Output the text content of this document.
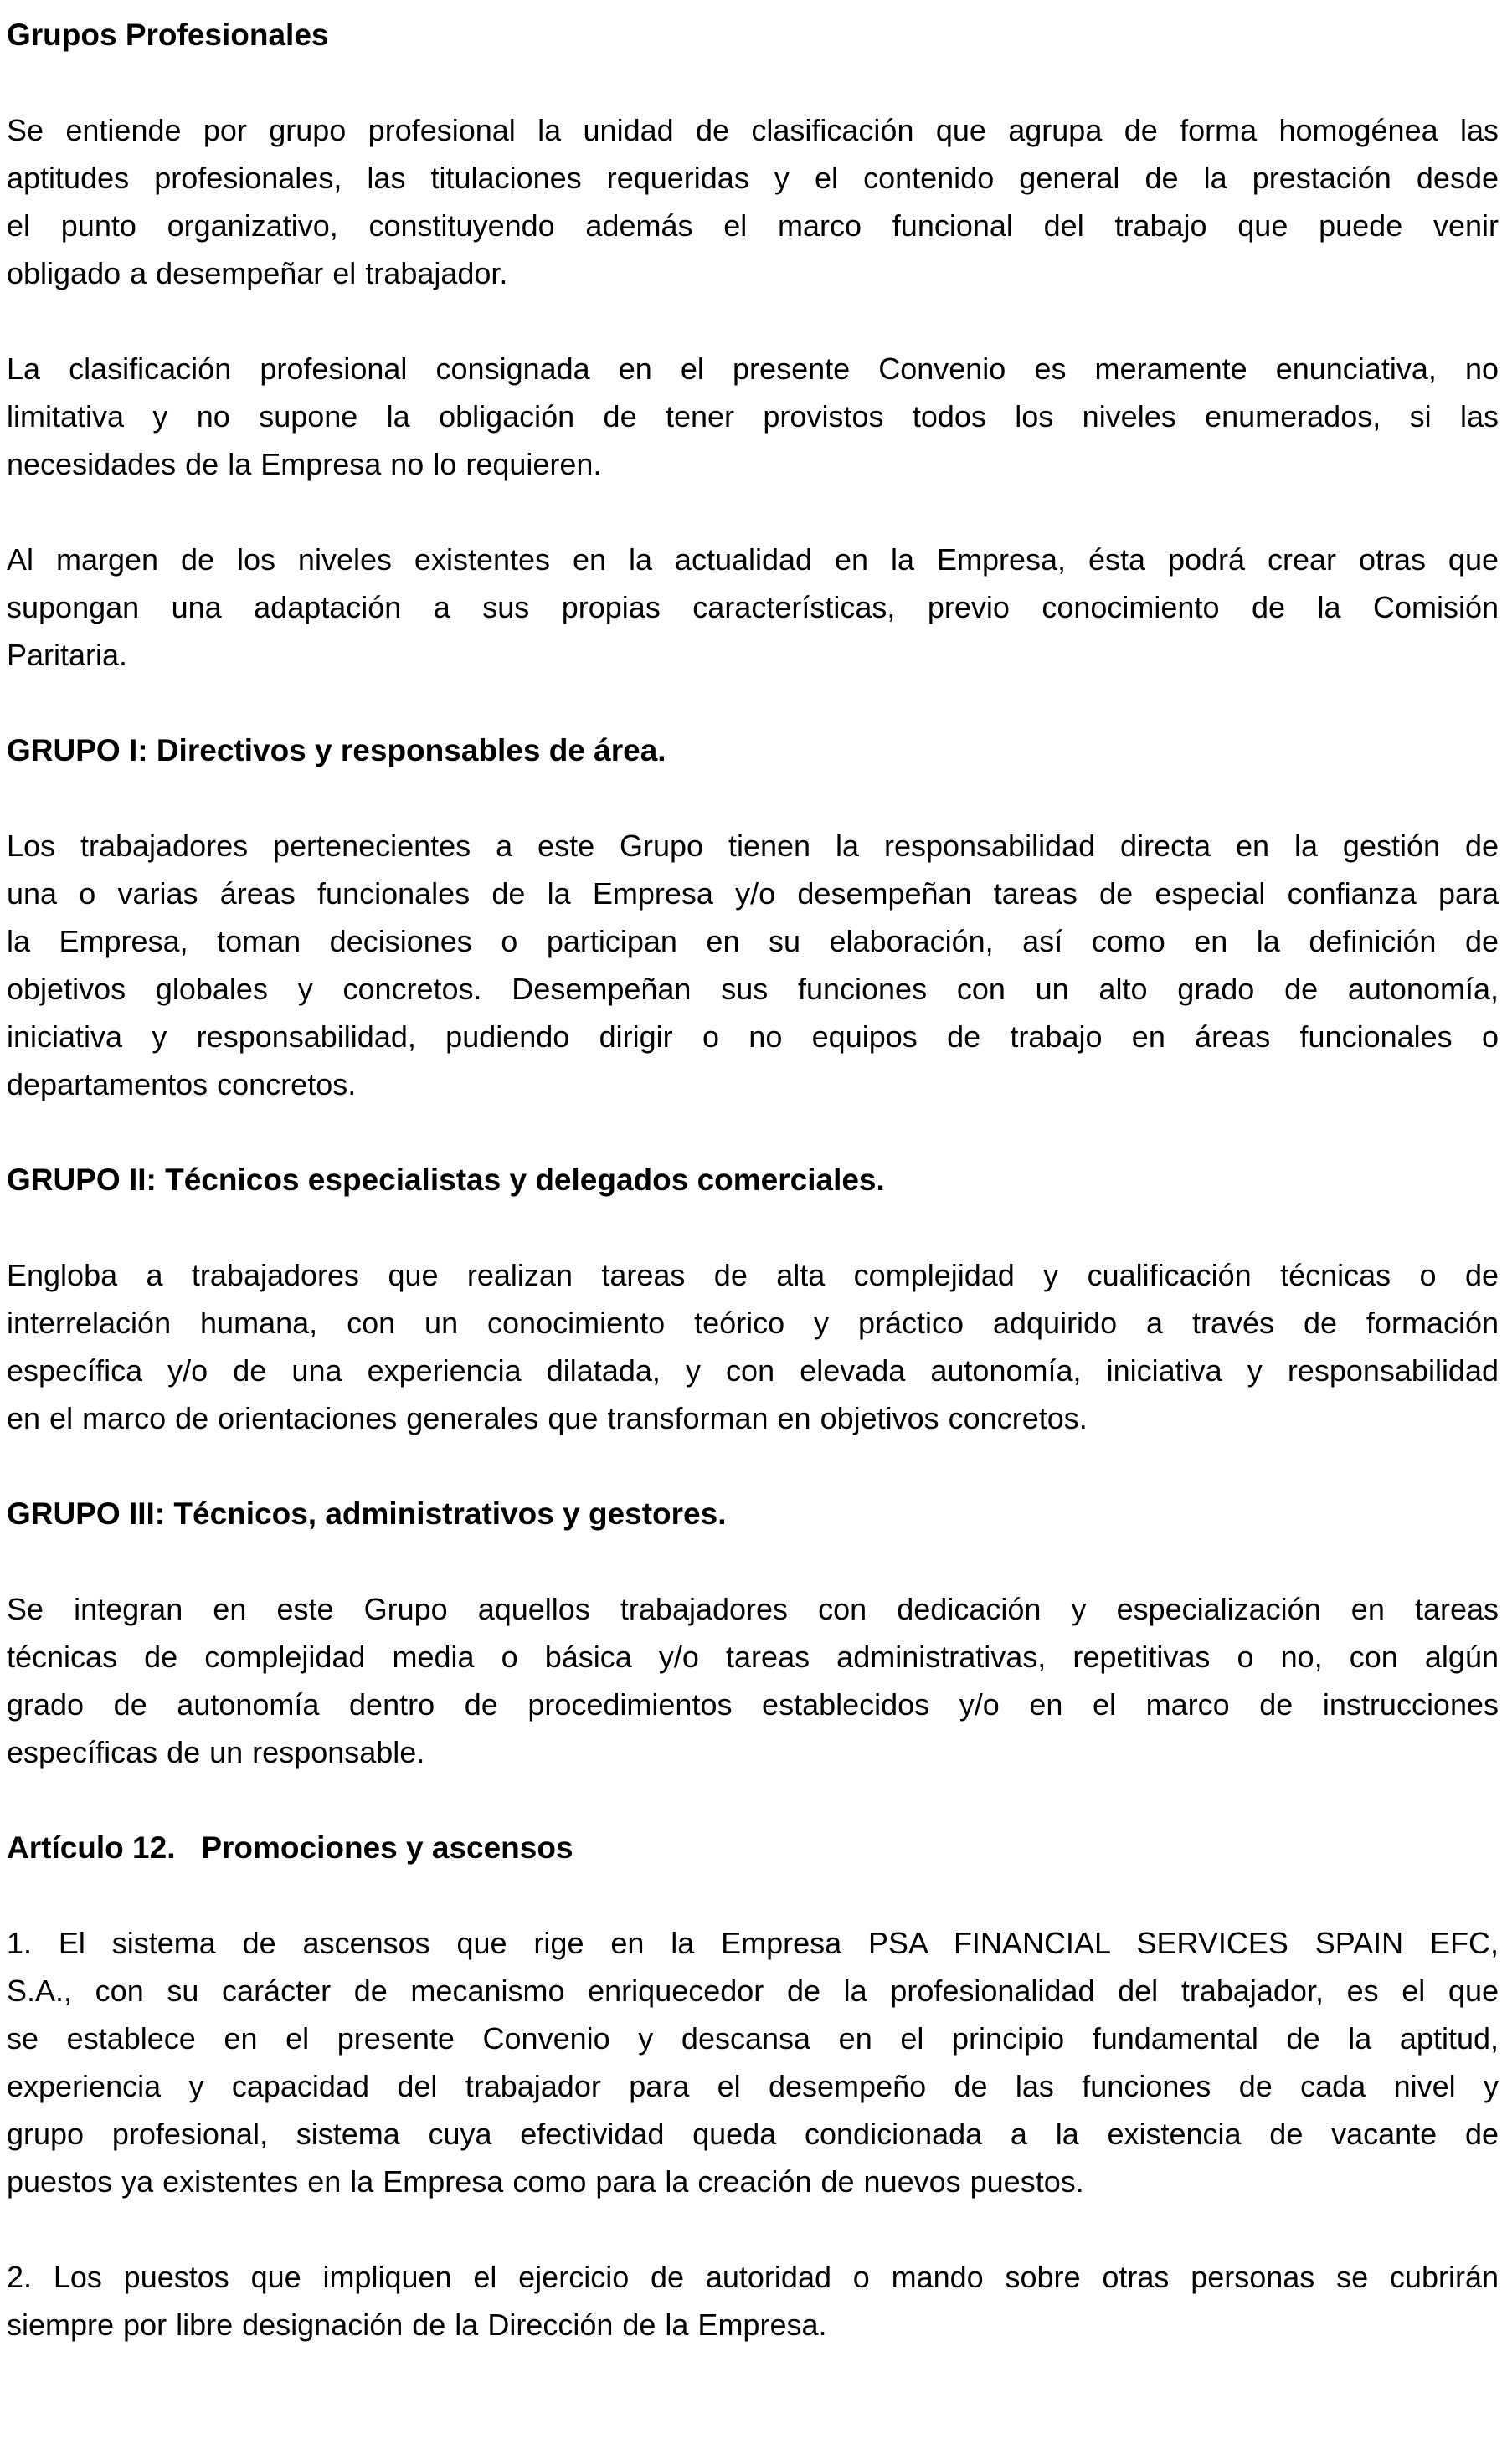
Grupos Profesionales

Se entiende por grupo profesional la unidad de clasificación que agrupa de forma homogénea las
aptitudes profesionales, las titulaciones requeridas y el contenido general de la prestación desde
el punto organizativo, constituyendo además el marco funcional del trabajo que puede venir
obligado a desempeñar el trabajador.

La clasificación profesional consignada en el presente Convenio es meramente enunciativa, no
limitativa y no supone la obligación de tener provistos todos los niveles enumerados, si las
necesidades de la Empresa no lo requieren.

Al margen de los niveles existentes en la actualidad en la Empresa, ésta podrá crear otras que
supongan una adaptación a sus propias características, previo conocimiento de la Comisión
Paritaria.

GRUPO I: Directivos y responsables de área.

Los trabajadores pertenecientes a este Grupo tienen la responsabilidad directa en la gestión de
una o varias áreas funcionales de la Empresa y/o desempeñan tareas de especial confianza para
la Empresa, toman decisiones o participan en su elaboración, así como en la definición de
objetivos globales y concretos. Desempeñan sus funciones con un alto grado de autonomía,
iniciativa y responsabilidad, pudiendo dirigir o no equipos de trabajo en áreas funcionales o
departamentos concretos.

GRUPO II: Técnicos especialistas y delegados comerciales.

Engloba a trabajadores que realizan tareas de alta complejidad y cualificación técnicas o de
interrelación humana, con un conocimiento teórico y práctico adquirido a través de formación
específica y/o de una experiencia dilatada, y con elevada autonomía, iniciativa y responsabilidad
en el marco de orientaciones generales que transforman en objetivos concretos.

GRUPO III: Técnicos, administrativos y gestores.

Se integran en este Grupo aquellos trabajadores con dedicación y especialización en tareas
técnicas de complejidad media o básica y/o tareas administrativas, repetitivas o no, con algún
grado de autonomía dentro de procedimientos establecidos y/o en el marco de instrucciones
específicas de un responsable.

Artículo 12.   Promociones y ascensos

1. El sistema de ascensos que rige en la Empresa PSA FINANCIAL SERVICES SPAIN EFC,
S.A., con su carácter de mecanismo enriquecedor de la profesionalidad del trabajador, es el que
se establece en el presente Convenio y descansa en el principio fundamental de la aptitud,
experiencia y capacidad del trabajador para el desempeño de las funciones de cada nivel y
grupo profesional, sistema cuya efectividad queda condicionada a la existencia de vacante de
puestos ya existentes en la Empresa como para la creación de nuevos puestos.

2. Los puestos que impliquen el ejercicio de autoridad o mando sobre otras personas se cubrirán
siempre por libre designación de la Dirección de la Empresa.
